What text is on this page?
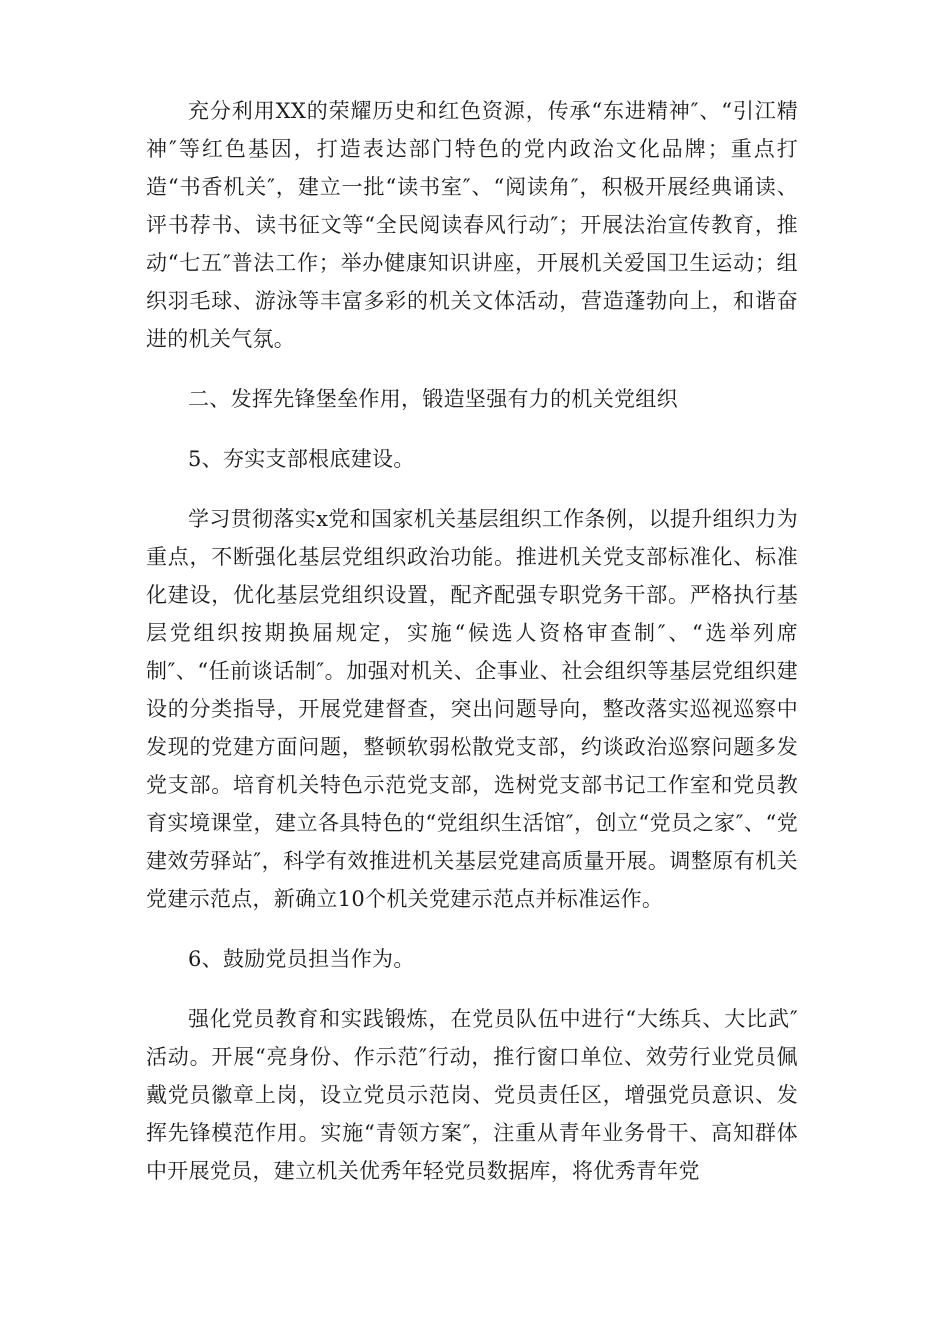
充分利用XX的荣耀历史和红色资源，传承“东进精神″、“引江精神″等红色基因，打造表达部门特色的党内政治文化品牌；重点打造“书香机关″，建立一批“读书室″、“阅读角″，积极开展经典诵读、评书荐书、读书征文等“全民阅读春风行动″；开展法治宣传教育，推动“七五″普法工作；举办健康知识讲座，开展机关爱国卫生运动；组织羽毛球、游泳等丰富多彩的机关文体活动，营造蓬勃向上，和谐奋进的机关气氛。

二、发挥先锋堡垒作用，锻造坚强有力的机关党组织

5、夯实支部根底建设。

学习贯彻落实x党和国家机关基层组织工作条例，以提升组织力为重点，不断强化基层党组织政治功能。推进机关党支部标准化、标准化建设，优化基层党组织设置，配齐配强专职党务干部。严格执行基层党组织按期换届规定，实施“候选人资格审查制″、“选举列席制″、“任前谈话制″。加强对机关、企事业、社会组织等基层党组织建设的分类指导，开展党建督查，突出问题导向，整改落实巡视巡察中发现的党建方面问题，整顿软弱松散党支部，约谈政治巡察问题多发党支部。培育机关特色示范党支部，选树党支部书记工作室和党员教育实境课堂，建立各具特色的“党组织生活馆″，创立“党员之家″、“党建效劳驿站″，科学有效推进机关基层党建高质量开展。调整原有机关党建示范点，新确立10个机关党建示范点并标准运作。

6、鼓励党员担当作为。

强化党员教育和实践锻炼，在党员队伍中进行“大练兵、大比武″活动。开展“亮身份、作示范″行动，推行窗口单位、效劳行业党员佩戴党员徽章上岗，设立党员示范岗、党员责任区，增强党员意识、发挥先锋模范作用。实施“青领方案″，注重从青年业务骨干、高知群体中开展党员，建立机关优秀年轻党员数据库，将优秀青年党
